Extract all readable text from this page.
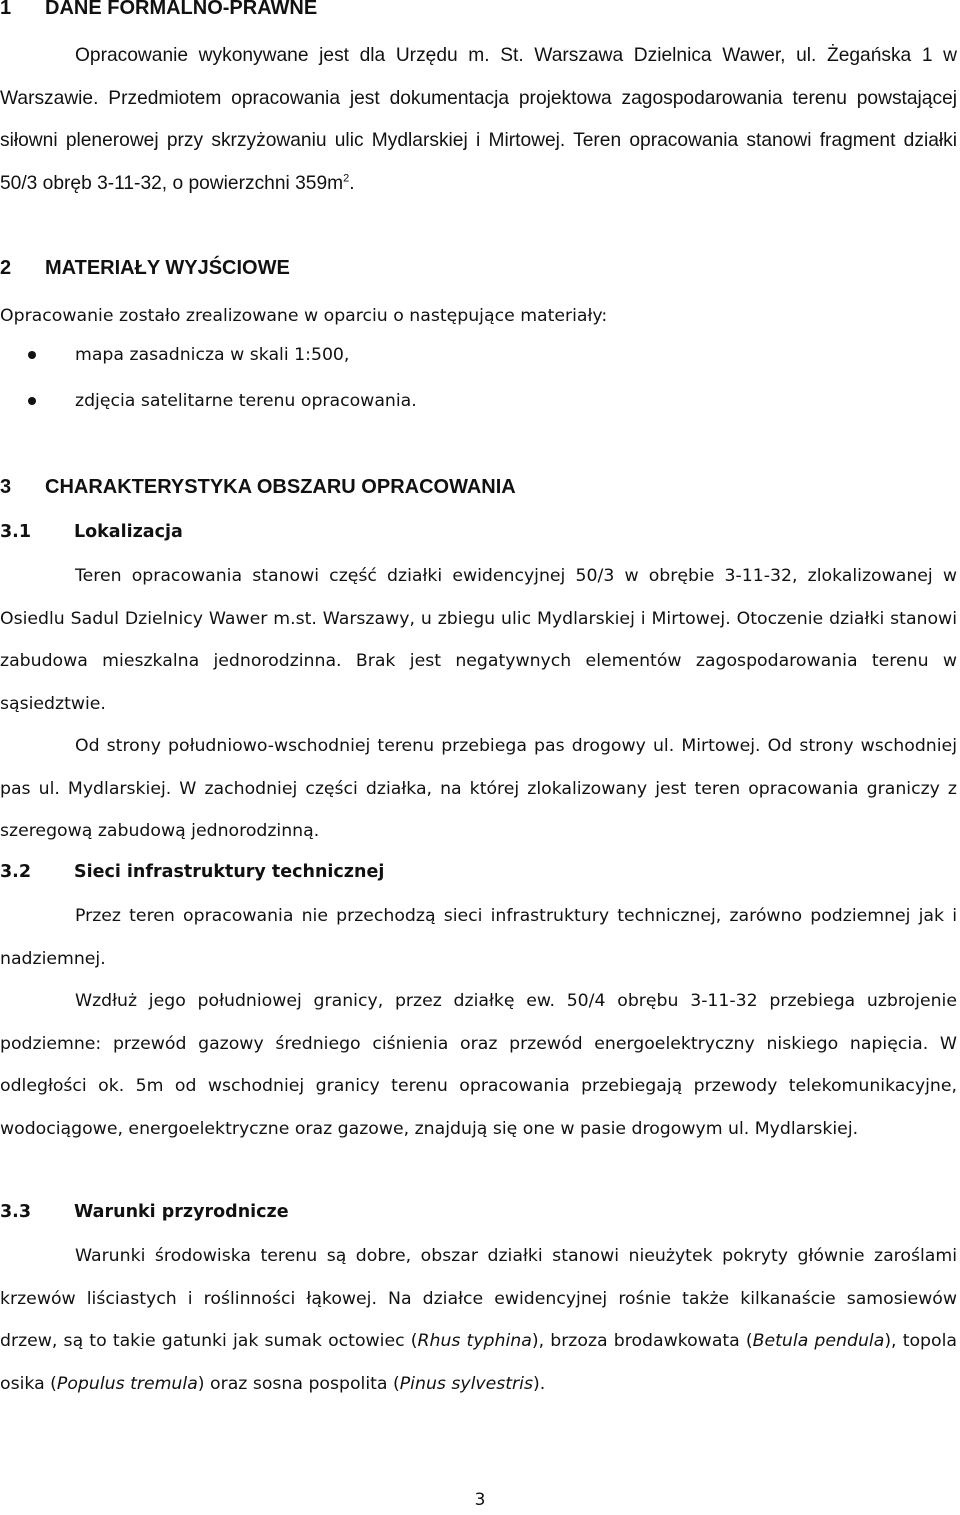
1 DANE FORMALNO-PRAWNE

Opracowanie wykonywane jest dla Urzędu m. St. Warszawa Dzielnica Wawer, ul. Żegańska 1 w Warszawie. Przedmiotem opracowania jest dokumentacja projektowa zagospodarowania terenu powstającej siłowni plenerowej przy skrzyżowaniu ulic Mydlarskiej i Mirtowej. Teren opracowania stanowi fragment działki 50/3 obręb 3-11-32, o powierzchni $359m^2$.

2 MATERIAŁY WYJŚCIOWE

Opracowanie zostało zrealizowane w oparciu o następujące materiały:

mapa zasadnicza w skali 1:500,
zdjęcia satelitarne terenu opracowania.
3 CHARAKTERYSTYKA OBSZARU OPRACOWANIA
3.1 Lokalizacja

Teren opracowania stanowi część działki ewidencyjnej 50/3 w obrębie 3-11-32, zlokalizowanej w Osiedlu Sadul Dzielnicy Wawer m.st. Warszawy, u zbiegu ulic Mydlarskiej i Mirtowej. Otoczenie działki stanowi zabudowa mieszkalna jednorodzinna. Brak jest negatywnych elementów zagospodarowania terenu w sąsiedztwie.

Od strony południowo-wschodniej terenu przebiega pas drogowy ul. Mirtowej. Od strony wschodniej pas ul. Mydlarskiej. W zachodniej części działka, na której zlokalizowany jest teren opracowania graniczy z szeregową zabudową jednorodzinną.

3.2 Sieci infrastruktury technicznej

Przez teren opracowania nie przechodzą sieci infrastruktury technicznej, zarówno podziemnej jak i nadziemnej.

Wzdłuż jego południowej granicy, przez działkę ew. 50/4 obrębu 3-11-32 przebiega uzbrojenie podziemne: przewód gazowy średniego ciśnienia oraz przewód energoelektryczny niskiego napięcia. W odległości ok. 5m od wschodniej granicy terenu opracowania przebiegają przewody telekomunikacyjne, wodociągowe, energoelektryczne oraz gazowe, znajdują się one w pasie drogowym ul. Mydlarskiej.

3.3 Warunki przyrodnicze

Warunki środowiska terenu są dobre, obszar działki stanowi nieużytek pokryty głównie zaroślami krzewów liściastych i roślinności łąkowej. Na działce ewidencyjnej rośnie także kilkanaście samosiewów drzew, są to takie gatunki jak sumak octowiec (Rhus typhina), brzoza brodawkowata (Betula pendula), topola osika (Populus tremula) oraz sosna pospolita (Pinus sylvestris).

3
